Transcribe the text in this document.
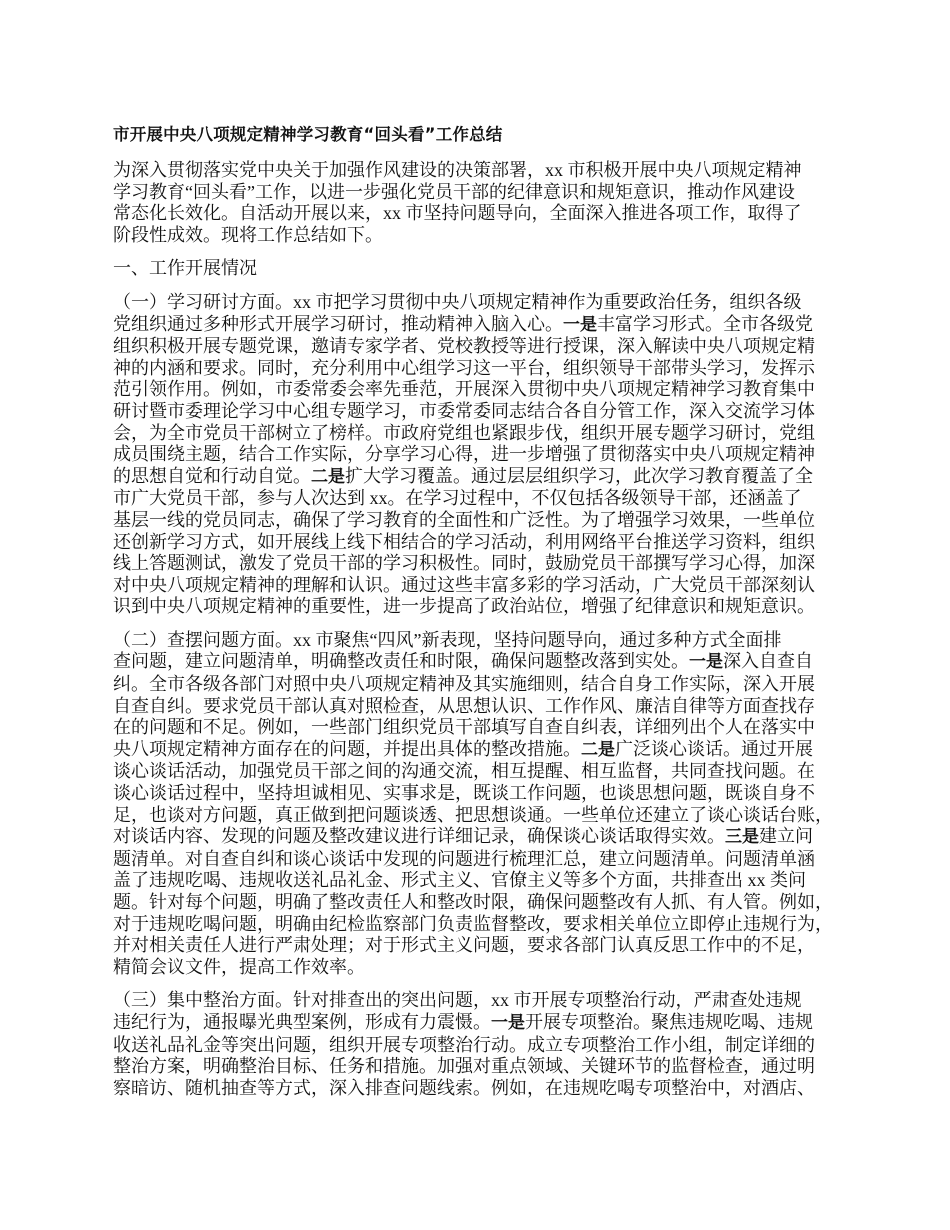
市开展中央八项规定精神学习教育“回头看”工作总结
为深入贯彻落实党中央关于加强作风建设的决策部署，xx 市积极开展中央八项规定精神
学习教育“回头看”工作，以进一步强化党员干部的纪律意识和规矩意识，推动作风建设
常态化长效化。自活动开展以来，xx 市坚持问题导向，全面深入推进各项工作，取得了
阶段性成效。现将工作总结如下。
一、工作开展情况
（一）学习研讨方面。xx 市把学习贯彻中央八项规定精神作为重要政治任务，组织各级
党组织通过多种形式开展学习研讨，推动精神入脑入心。一是丰富学习形式。全市各级党
组织积极开展专题党课，邀请专家学者、党校教授等进行授课，深入解读中央八项规定精
神的内涵和要求。同时，充分利用中心组学习这一平台，组织领导干部带头学习，发挥示
范引领作用。例如，市委常委会率先垂范，开展深入贯彻中央八项规定精神学习教育集中
研讨暨市委理论学习中心组专题学习，市委常委同志结合各自分管工作，深入交流学习体
会，为全市党员干部树立了榜样。市政府党组也紧跟步伐，组织开展专题学习研讨，党组
成员围绕主题，结合工作实际，分享学习心得，进一步增强了贯彻落实中央八项规定精神
的思想自觉和行动自觉。二是扩大学习覆盖。通过层层组织学习，此次学习教育覆盖了全
市广大党员干部，参与人次达到 xx。在学习过程中，不仅包括各级领导干部，还涵盖了
基层一线的党员同志，确保了学习教育的全面性和广泛性。为了增强学习效果，一些单位
还创新学习方式，如开展线上线下相结合的学习活动，利用网络平台推送学习资料，组织
线上答题测试，激发了党员干部的学习积极性。同时，鼓励党员干部撰写学习心得，加深
对中央八项规定精神的理解和认识。通过这些丰富多彩的学习活动，广大党员干部深刻认
识到中央八项规定精神的重要性，进一步提高了政治站位，增强了纪律意识和规矩意识。
（二）查摆问题方面。xx 市聚焦“四风”新表现，坚持问题导向，通过多种方式全面排
查问题，建立问题清单，明确整改责任和时限，确保问题整改落到实处。一是深入自查自
纠。全市各级各部门对照中央八项规定精神及其实施细则，结合自身工作实际，深入开展
自查自纠。要求党员干部认真对照检查，从思想认识、工作作风、廉洁自律等方面查找存
在的问题和不足。例如，一些部门组织党员干部填写自查自纠表，详细列出个人在落实中
央八项规定精神方面存在的问题，并提出具体的整改措施。二是广泛谈心谈话。通过开展
谈心谈话活动，加强党员干部之间的沟通交流，相互提醒、相互监督，共同查找问题。在
谈心谈话过程中，坚持坦诚相见、实事求是，既谈工作问题，也谈思想问题，既谈自身不
足，也谈对方问题，真正做到把问题谈透、把思想谈通。一些单位还建立了谈心谈话台账，
对谈话内容、发现的问题及整改建议进行详细记录，确保谈心谈话取得实效。三是建立问
题清单。对自查自纠和谈心谈话中发现的问题进行梳理汇总，建立问题清单。问题清单涵
盖了违规吃喝、违规收送礼品礼金、形式主义、官僚主义等多个方面，共排查出 xx 类问
题。针对每个问题，明确了整改责任人和整改时限，确保问题整改有人抓、有人管。例如，
对于违规吃喝问题，明确由纪检监察部门负责监督整改，要求相关单位立即停止违规行为，
并对相关责任人进行严肃处理；对于形式主义问题，要求各部门认真反思工作中的不足，
精简会议文件，提高工作效率。
（三）集中整治方面。针对排查出的突出问题，xx 市开展专项整治行动，严肃查处违规
违纪行为，通报曝光典型案例，形成有力震慑。一是开展专项整治。聚焦违规吃喝、违规
收送礼品礼金等突出问题，组织开展专项整治行动。成立专项整治工作小组，制定详细的
整治方案，明确整治目标、任务和措施。加强对重点领域、关键环节的监督检查，通过明
察暗访、随机抽查等方式，深入排查问题线索。例如，在违规吃喝专项整治中，对酒店、
